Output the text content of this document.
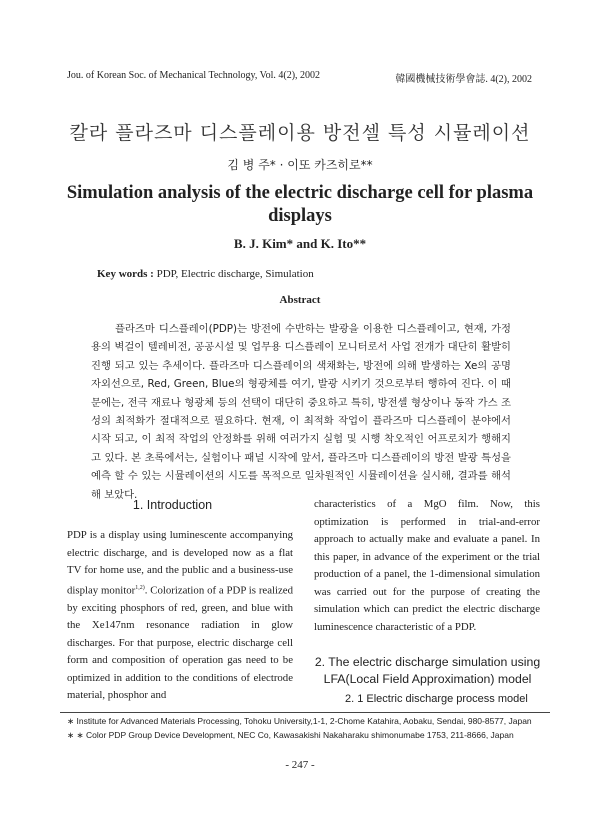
Jou. of Korean Soc. of Mechanical Technology, Vol. 4(2), 2002	韓國機械技術學會誌. 4(2), 2002
칼라 플라즈마 디스플레이용 방전셀 특성 시뮬레이션
김 병 주* · 이또 카즈히로**
Simulation analysis of the electric discharge cell for plasma displays
B. J. Kim* and K. Ito**
Key words : PDP, Electric discharge, Simulation
Abstract

플라즈마 디스플레이(PDP)는 방전에 수반하는 발광을 이용한 디스플레이고, 현재, 가정용의 벽걸이 텔레비전, 공공시설 및 업무용 디스플레이 모니터로서 사업 전개가 대단히 활발히 진행 되고 있는 추세이다. 플라즈마 디스플레이의 색채화는, 방전에 의해 발생하는 Xe의 공명 자외선으로, Red, Green, Blue의 형광체를 여기, 발광 시키기 것으로부터 행하여 진다. 이 때문에는, 전극 재료나 형광체 등의 선택이 대단히 중요하고 특히, 방전셀 형상이나 동작 가스 조성의 최적화가 절대적으로 필요하다. 현재, 이 최적화 작업이 플라즈마 디스플레이 분야에서 시작 되고, 이 최적 작업의 안정화를 위해 여러가지 실험 및 시행 착오적인 어프로치가 행해지고 있다. 본 초록에서는, 실험이나 패널 시작에 앞서, 플라즈마 디스플레이의 방전 발광 특성을 예측 할 수 있는 시뮬레이션의 시도를 목적으로 일차원적인 시뮬레이션을 실시해, 결과를 해석해 보았다.

1. Introduction

PDP is a display using luminescente accompanying electric discharge, and is developed now as a flat TV for home use, and the public and a business-use display monitor$^{1,2)}$. Colorization of a PDP is realized by exciting phosphors of red, green, and blue with the Xe147nm resonance radiation in glow discharges. For that purpose, electric discharge cell form and composition of operation gas need to be optimized in addition to the conditions of electrode material, phosphor and

characteristics of a MgO film. Now, this optimization is performed in trial-and-error approach to actually make and evaluate a panel. In this paper, in advance of the experiment or the trial production of a panel, the 1-dimensional simulation was carried out for the purpose of creating the simulation which can predict the electric discharge luminescence characteristic of a PDP.

2. The electric discharge simulation using LFA(Local Field Approximation) model
2. 1 Electric discharge process model
∗ Institute for Advanced Materials Processing, Tohoku University,1-1, 2-Chome Katahira, Aobaku, Sendai, 980-8577, Japan
∗ ∗ Color PDP Group Device Development, NEC Co, Kawasakishi Nakaharaku shimonumabe 1753, 211-8666, Japan
- 247 -
